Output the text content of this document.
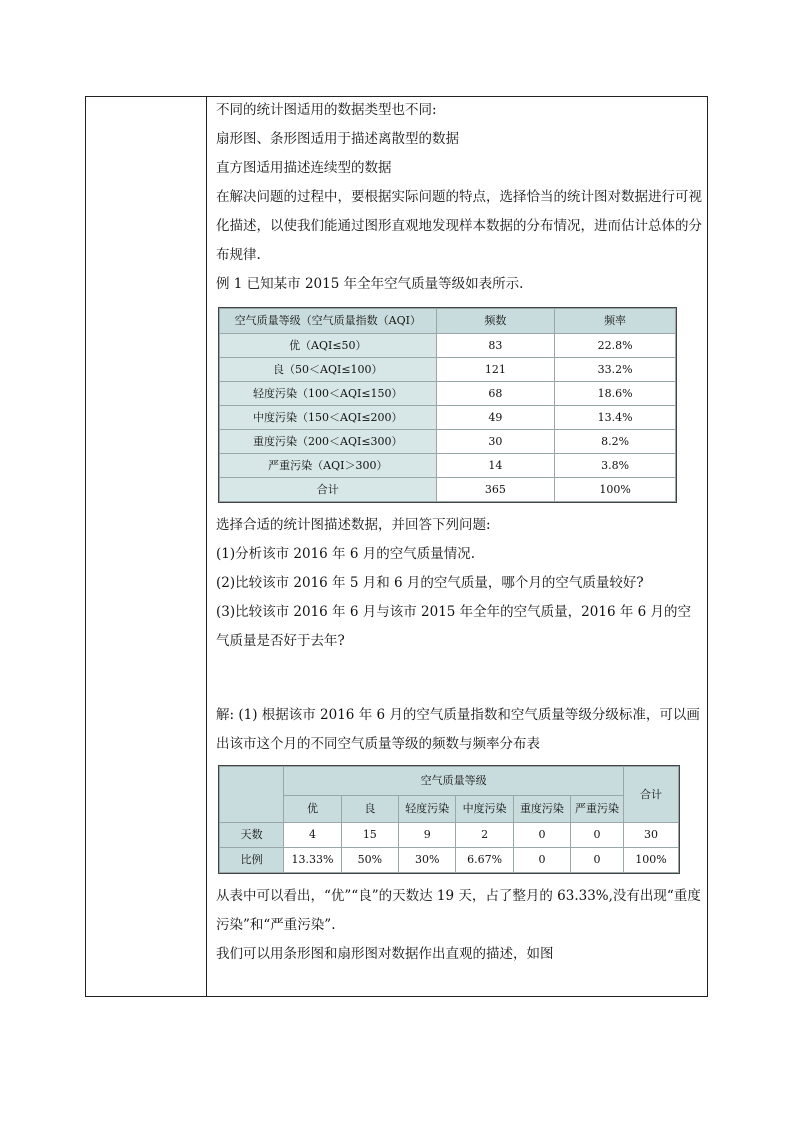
不同的统计图适用的数据类型也不同:

扇形图、条形图适用于描述离散型的数据

直方图适用描述连续型的数据

在解决问题的过程中，要根据实际问题的特点，选择恰当的统计图对数据进行可视化描述，以使我们能通过图形直观地发现样本数据的分布情况，进而估计总体的分布规律.

例 1 已知某市 2015 年全年空气质量等级如表所示.

空气质量等级（空气质量指数（AQI）	频数	频率
优（AQI≤50）	83	22.8%
良（50＜AQI≤100）	121	33.2%
轻度污染（100＜AQI≤150）	68	18.6%
中度污染（150＜AQI≤200）	49	13.4%
重度污染（200＜AQI≤300）	30	8.2%
严重污染（AQI＞300）	14	3.8%
合计	365	100%

选择合适的统计图描述数据，并回答下列问题:

(1)分析该市 2016 年 6 月的空气质量情况.

(2)比较该市 2016 年 5 月和 6 月的空气质量，哪个月的空气质量较好?

(3)比较该市 2016 年 6 月与该市 2015 年全年的空气质量，2016 年 6 月的空气质量是否好于去年?

解: (1) 根据该市 2016 年 6 月的空气质量指数和空气质量等级分级标准，可以画出该市这个月的不同空气质量等级的频数与频率分布表

	空气质量等级						合计
	优	良	轻度污染	中度污染	重度污染	严重污染	
天数	4	15	9	2	0	0	30
比例	13.33%	50%	30%	6.67%	0	0	100%

从表中可以看出，“优”“良”的天数达 19 天，占了整月的 63.33%,没有出现“重度污染”和“严重污染”.

我们可以用条形图和扇形图对数据作出直观的描述，如图
